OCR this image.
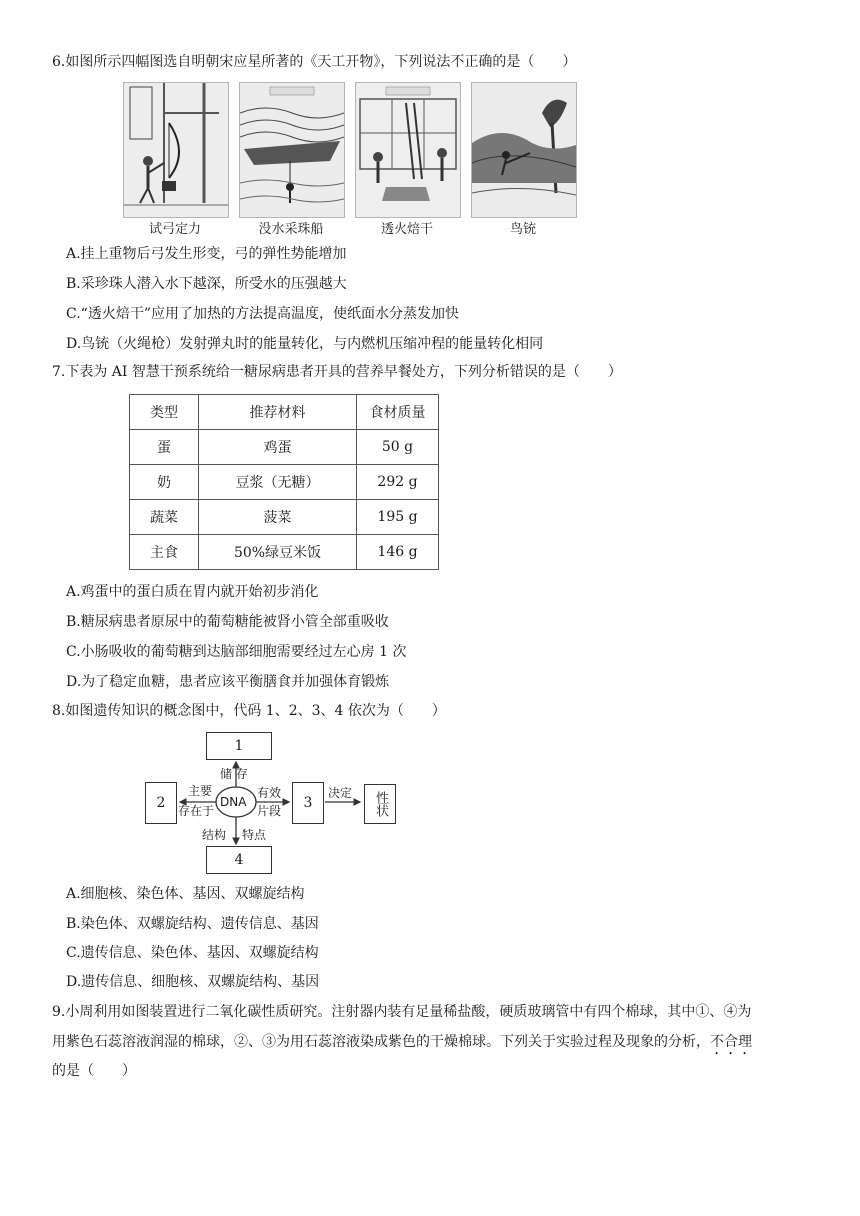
6.如图所示四幅图选自明朝宋应星所著的《天工开物》，下列说法不正确的是（　　）
试弓定力	没水采珠船	透火焙干	鸟铳
A.挂上重物后弓发生形变，弓的弹性势能增加
B.采珍珠人潜入水下越深，所受水的压强越大
C.“透火焙干”应用了加热的方法提高温度，使纸面水分蒸发加快
D.鸟铳（火绳枪）发射弹丸时的能量转化，与内燃机压缩冲程的能量转化相同
7.下表为 AI 智慧干预系统给一糖尿病患者开具的营养早餐处方，下列分析错误的是（　　）
类型	推荐材料	食材质量
蛋	鸡蛋	50 g
奶	豆浆（无糖）	292 g
蔬菜	菠菜	195 g
主食	50%绿豆米饭	146 g
A.鸡蛋中的蛋白质在胃内就开始初步消化
B.糖尿病患者原尿中的葡萄糖能被肾小管全部重吸收
C.小肠吸收的葡萄糖到达脑部细胞需要经过左心房 1 次
D.为了稳定血糖，患者应该平衡膳食并加强体育锻炼
8.如图遗传知识的概念图中，代码 1、2、3、4 依次为（　　）
DNA
1
2	3
4
性状
储 存
主要
存在于
有效
片段
决定
结构 特点
A.细胞核、染色体、基因、双螺旋结构
B.染色体、双螺旋结构、遗传信息、基因
C.遗传信息、染色体、基因、双螺旋结构
D.遗传信息、细胞核、双螺旋结构、基因
9.小周利用如图装置进行二氧化碳性质研究。注射器内装有足量稀盐酸，硬质玻璃管中有四个棉球，其中①、④为
用紫色石蕊溶液润湿的棉球，②、③为用石蕊溶液染成紫色的干燥棉球。下列关于实验过程及现象的分析，不合理
的是（　　）
